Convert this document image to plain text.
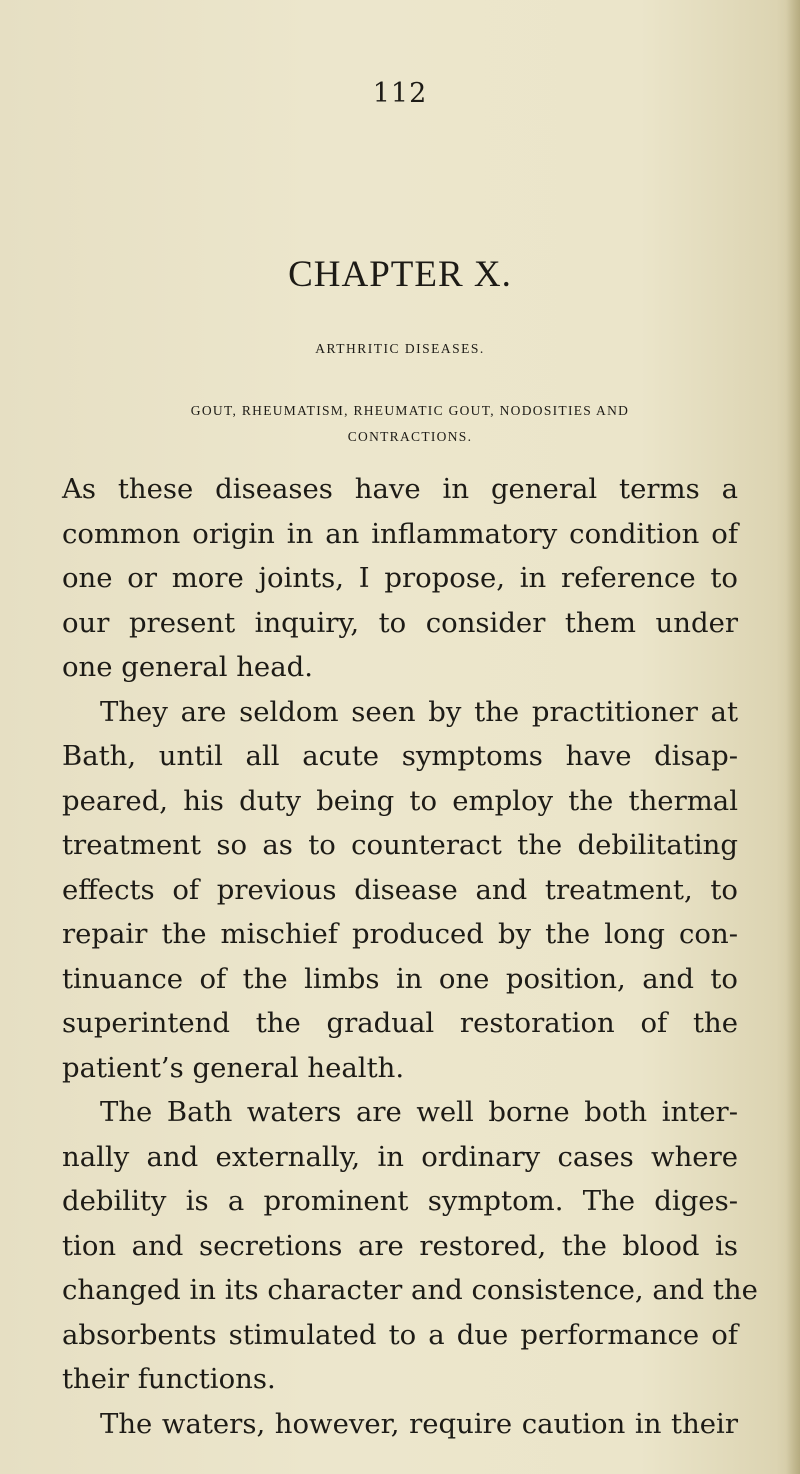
112
CHAPTER X.
ARTHRITIC DISEASES.
GOUT, RHEUMATISM, RHEUMATIC GOUT, NODOSITIES AND
CONTRACTIONS.
As these diseases have in general terms a
common origin in an inflammatory condition of
one or more joints, I propose, in reference to
our present inquiry, to consider them under
one general head.
They are seldom seen by the practitioner at
Bath, until all acute symptoms have disap-
peared, his duty being to employ the thermal
treatment so as to counteract the debilitating
effects of previous disease and treatment, to
repair the mischief produced by the long con-
tinuance of the limbs in one position, and to
superintend the gradual restoration of the
patient’s general health.
The Bath waters are well borne both inter-
nally and externally, in ordinary cases where
debility is a prominent symptom. The diges-
tion and secretions are restored, the blood is
changed in its character and consistence, and the
absorbents stimulated to a due performance of
their functions.
The waters, however, require caution in their
